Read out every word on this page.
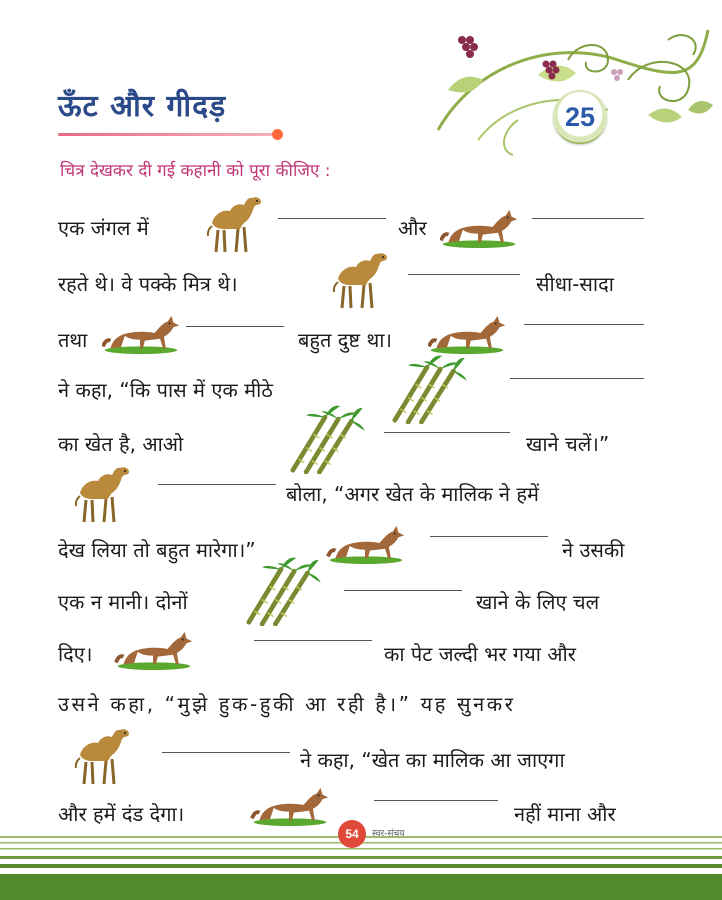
ऊँट और गीदड़	25
चित्र देखकर दी गई कहानी को पूरा कीजिए :
एक जंगल में	और
रहते थे। वे पक्के मित्र थे।	सीधा-सादा
तथा	बहुत दुष्ट था।
ने कहा, “कि पास में एक मीठे
का खेत है, आओ	खाने चलें।”
बोला, “अगर खेत के मालिक ने हमें
देख लिया तो बहुत मारेगा।”	ने उसकी
एक न मानी। दोनों	खाने के लिए चल
दिए।	का पेट जल्दी भर गया और
उसने कहा, “मुझे हुक-हुकी आ रही है।” यह सुनकर
ने कहा, “खेत का मालिक आ जाएगा
और हमें दंड देगा।	नहीं माना और
54	स्वर-संचय
